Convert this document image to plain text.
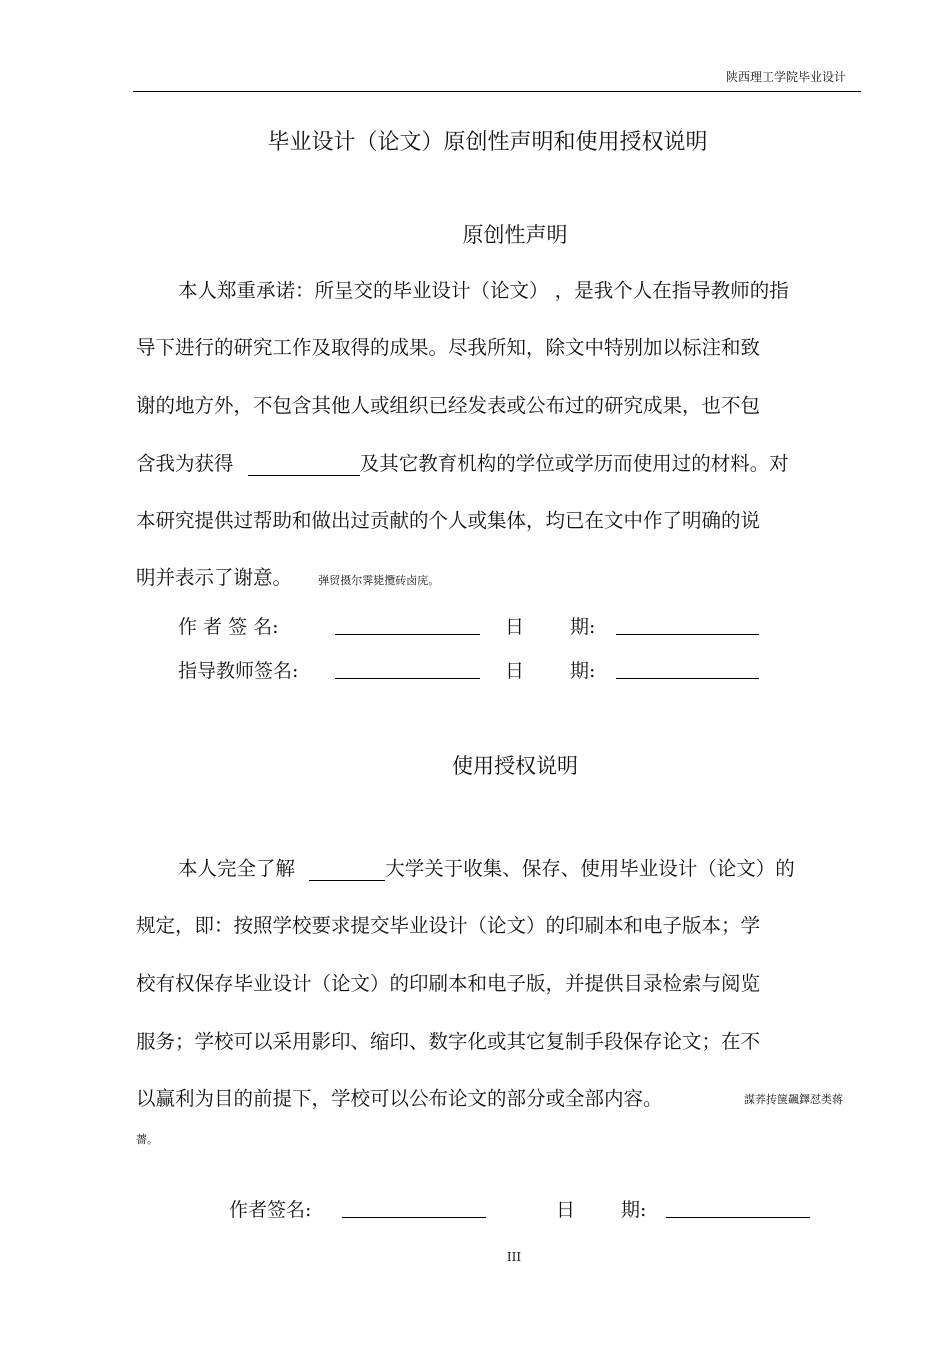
陕西理工学院毕业设计
毕业设计（论文）原创性声明和使用授权说明
原创性声明
本人郑重承诺：所呈交的毕业设计（论文） ，是我个人在指导教师的指
导下进行的研究工作及取得的成果。尽我所知，除文中特别加以标注和致
谢的地方外，不包含其他人或组织已经发表或公布过的研究成果，也不包
含我为获得	及其它教育机构的学位或学历而使用过的材料。对
本研究提供过帮助和做出过贡献的个人或集体，均已在文中作了明确的说
明并表示了谢意。 弹贸摄尔霁毙攬砖卤庑。
作 者 签 名:	日 期:
指导教师签名:	日 期:
使用授权说明
本人完全了解	大学关于收集、保存、使用毕业设计（论文）的
规定，即：按照学校要求提交毕业设计（论文）的印刷本和电子版本；学
校有权保存毕业设计（论文）的印刷本和电子版，并提供目录检索与阅览
服务；学校可以采用影印、缩印、数字化或其它复制手段保存论文；在不
以赢利为目的前提下，学校可以公布论文的部分或全部内容。	謀荞抟箧飆鐸怼类蒋
薔。
作者签名:	日 期:
III
